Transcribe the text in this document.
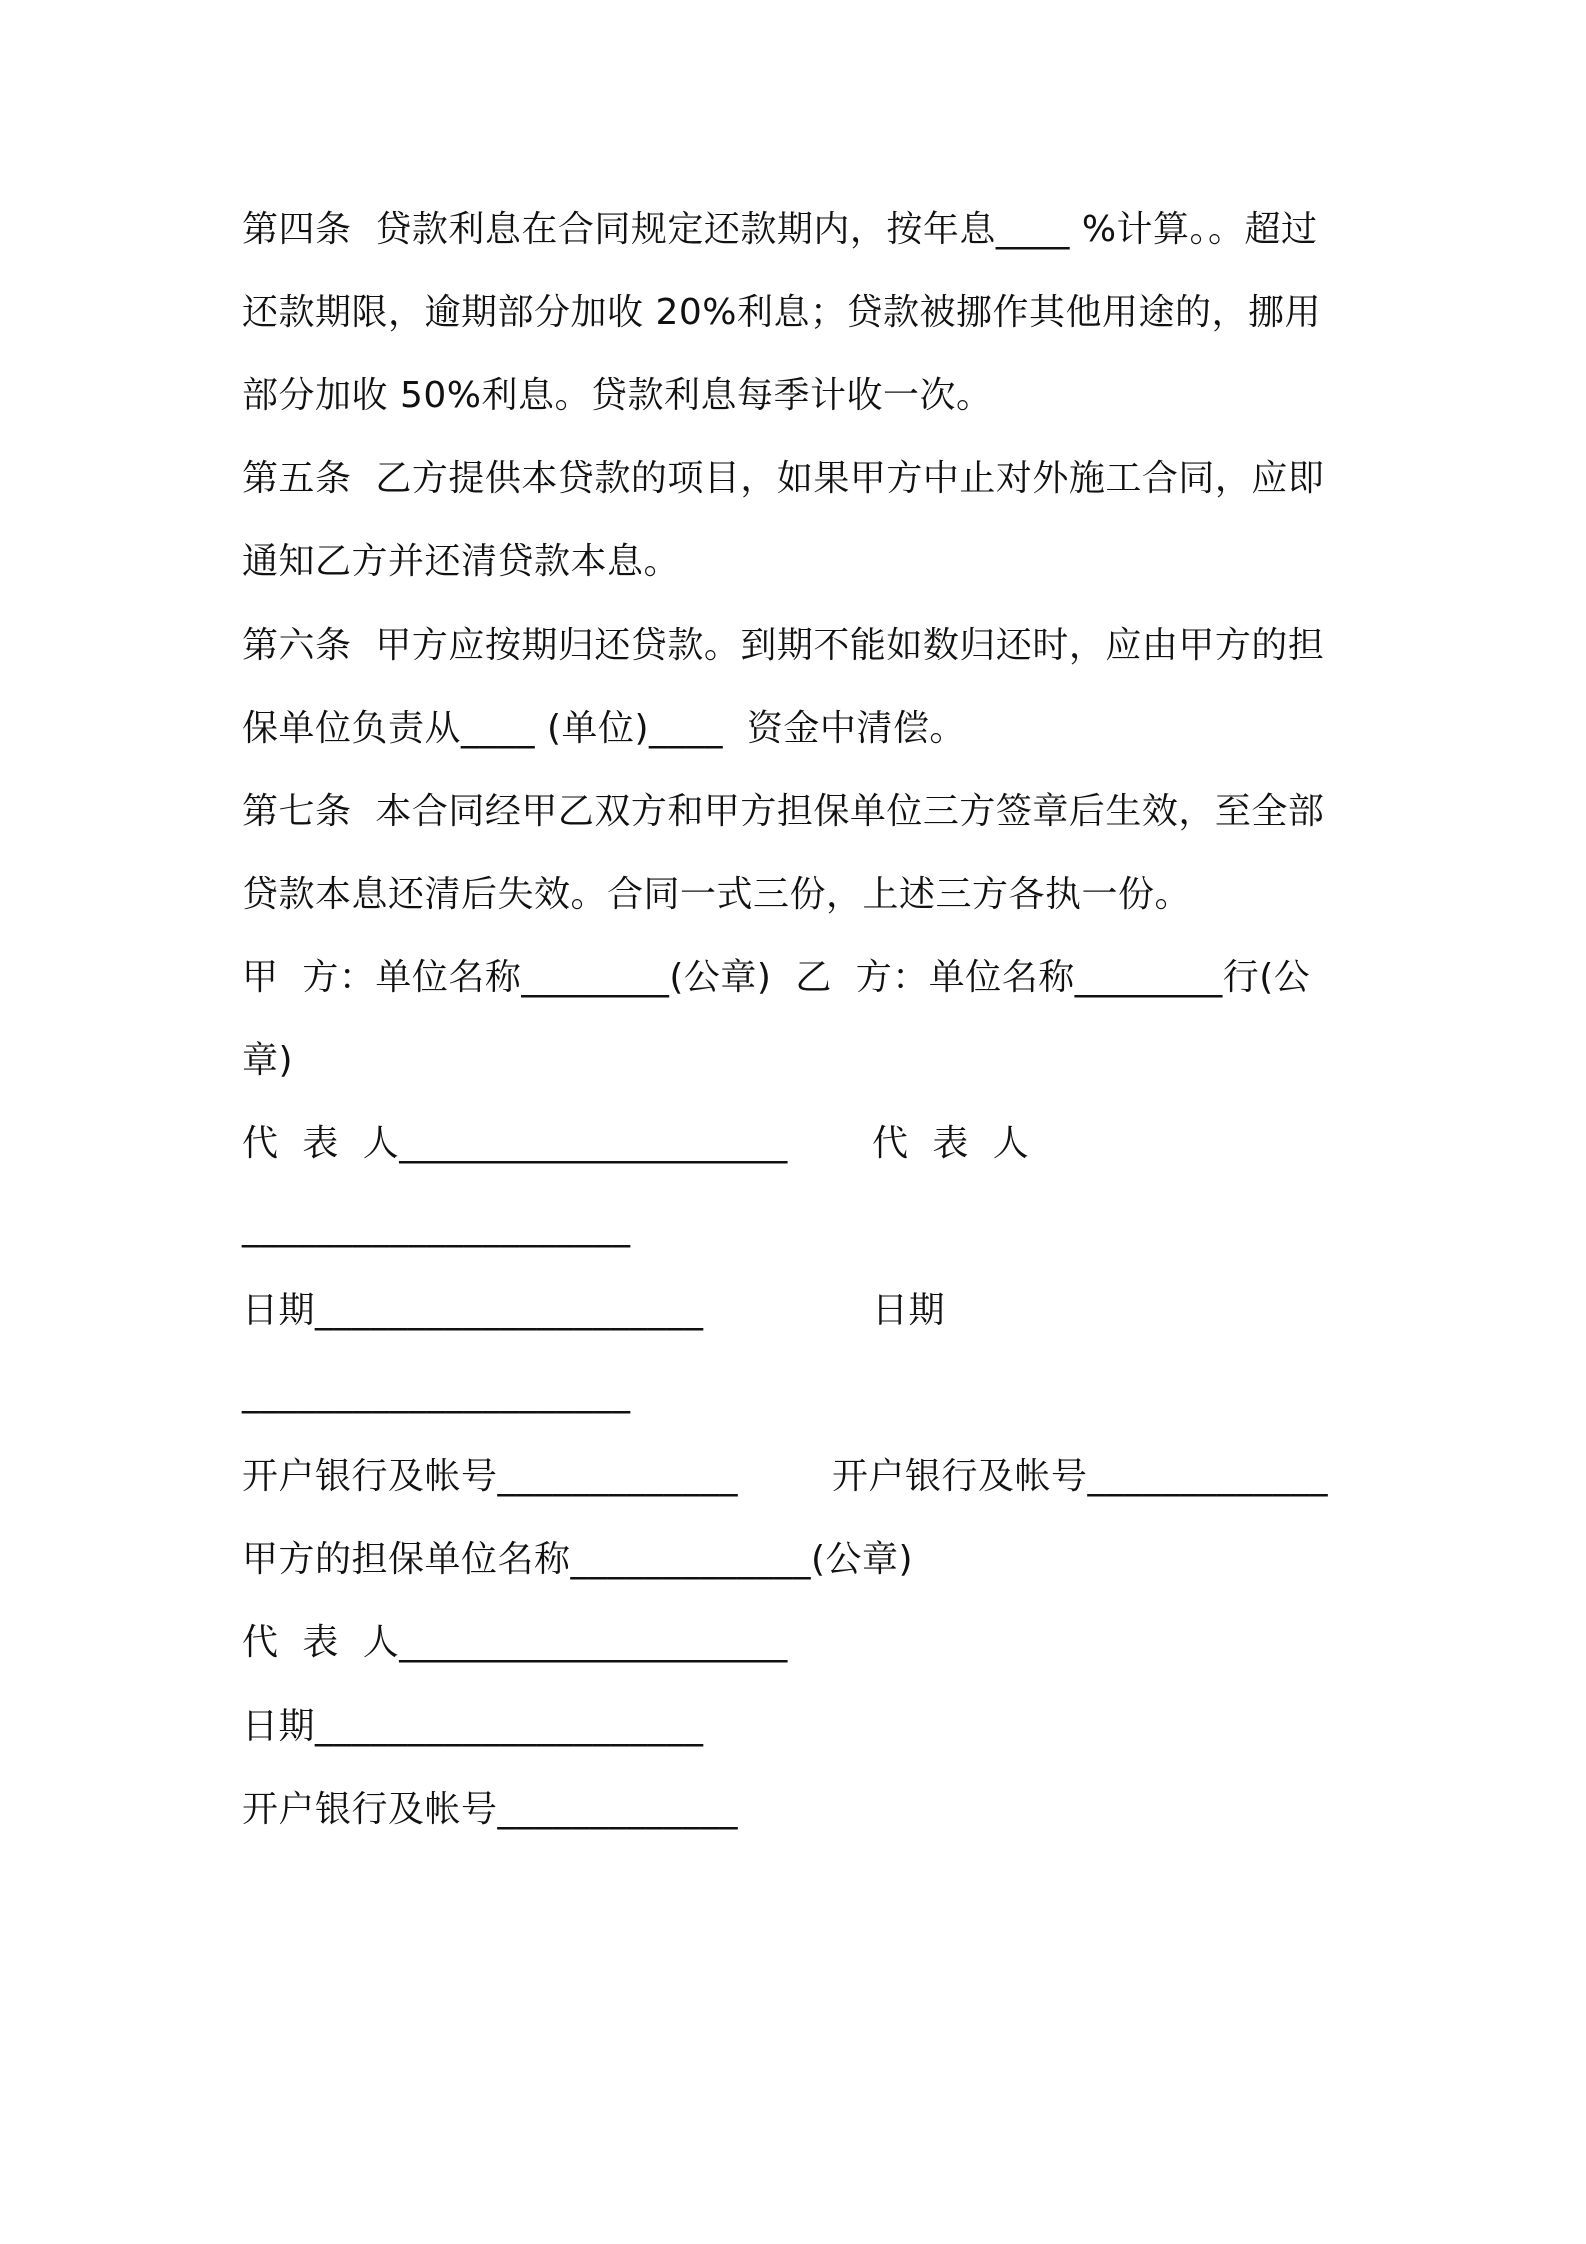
第四条  贷款利息在合同规定还款期内，按年息____ %计算。。超过
还款期限，逾期部分加收 20%利息；贷款被挪作其他用途的，挪用
部分加收 50%利息。贷款利息每季计收一次。
第五条  乙方提供本贷款的项目，如果甲方中止对外施工合同，应即
通知乙方并还清贷款本息。
第六条  甲方应按期归还贷款。到期不能如数归还时，应由甲方的担
保单位负责从____ (单位)____  资金中清偿。
第七条  本合同经甲乙双方和甲方担保单位三方签章后生效，至全部
贷款本息还清后失效。合同一式三份，上述三方各执一份。
甲  方：单位名称________(公章)  乙  方：单位名称________行(公
章)
代  表  人_____________________ 代  表  人
_____________________
日期_____________________	日期
_____________________
开户银行及帐号_____________	开户银行及帐号_____________
甲方的担保单位名称_____________(公章)
代  表  人_____________________
日期_____________________
开户银行及帐号_____________
